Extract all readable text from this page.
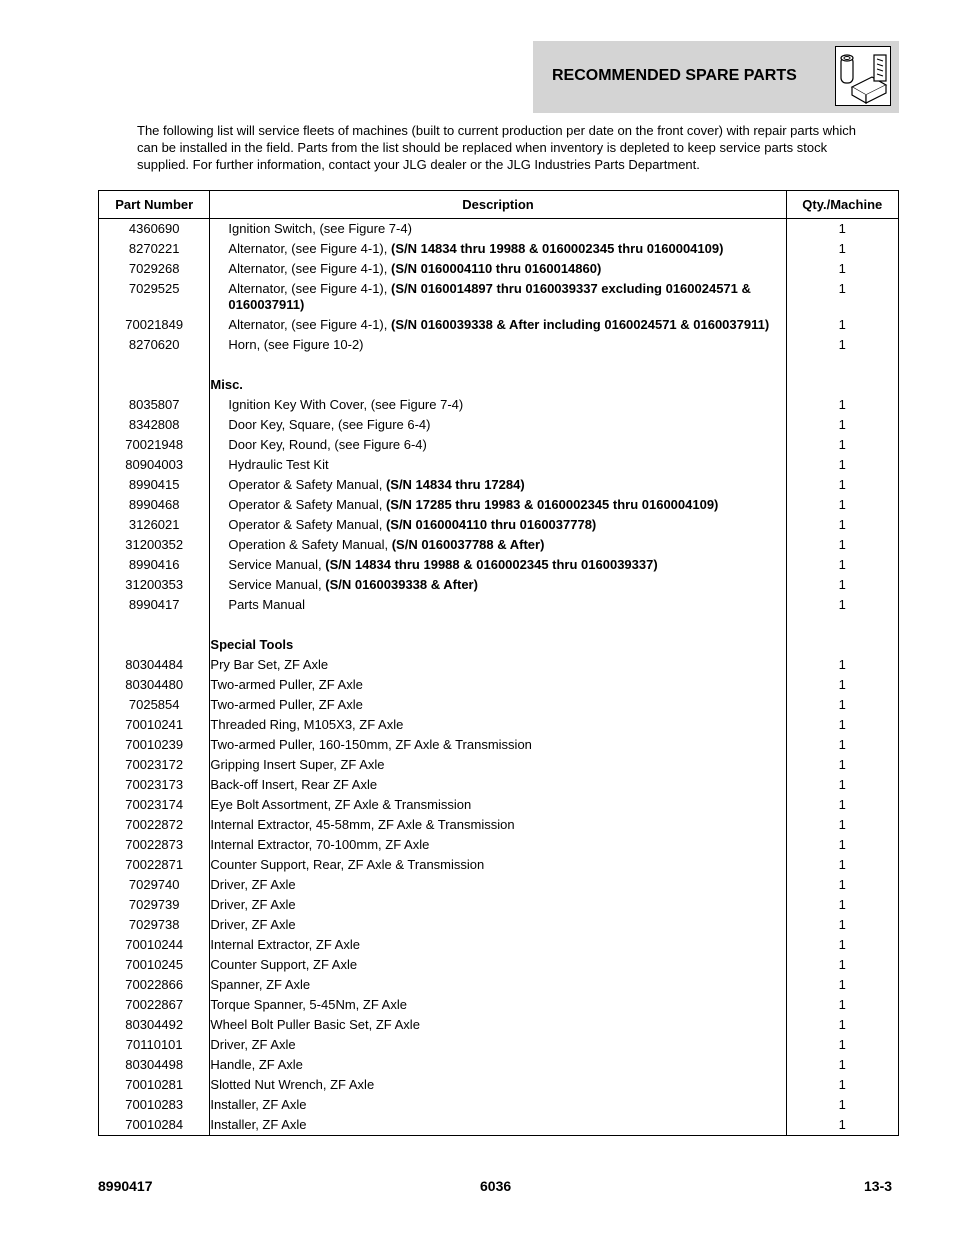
RECOMMENDED SPARE PARTS
The following list will service fleets of machines (built to current production per date on the front cover) with repair parts which can be installed in the field. Parts from the list should be replaced when inventory is depleted to keep service parts stock supplied. For further information, contact your JLG dealer or the JLG Industries Parts Department.
Part Number	Description	Qty./Machine
4360690	Ignition Switch, (see Figure 7-4)	1
8270221	Alternator, (see Figure 4-1), (S/N 14834 thru 19988 & 0160002345 thru 0160004109)	1
7029268	Alternator, (see Figure 4-1), (S/N 0160004110 thru 0160014860)	1
7029525	Alternator, (see Figure 4-1), (S/N 0160014897 thru 0160039337 excluding 0160024571 & 0160037911)	1
70021849	Alternator, (see Figure 4-1), (S/N 0160039338 & After including 0160024571 & 0160037911)	1
8270620	Horn, (see Figure 10-2)	1

	Misc.	
8035807	Ignition Key With Cover, (see Figure 7-4)	1
8342808	Door Key, Square, (see Figure 6-4)	1
70021948	Door Key, Round, (see Figure 6-4)	1
80904003	Hydraulic Test Kit	1
8990415	Operator & Safety Manual, (S/N 14834 thru 17284)	1
8990468	Operator & Safety Manual, (S/N 17285 thru 19983 & 0160002345 thru 0160004109)	1
3126021	Operator & Safety Manual, (S/N 0160004110 thru 0160037778)	1
31200352	Operation & Safety Manual, (S/N 0160037788 & After)	1
8990416	Service Manual, (S/N 14834 thru 19988 & 0160002345 thru 0160039337)	1
31200353	Service Manual, (S/N 0160039338 & After)	1
8990417	Parts Manual	1

	Special Tools	
80304484	Pry Bar Set, ZF Axle	1
80304480	Two-armed Puller, ZF Axle	1
7025854	Two-armed Puller, ZF Axle	1
70010241	Threaded Ring, M105X3, ZF Axle	1
70010239	Two-armed Puller, 160-150mm, ZF Axle & Transmission	1
70023172	Gripping Insert Super, ZF Axle	1
70023173	Back-off Insert, Rear ZF Axle	1
70023174	Eye Bolt Assortment, ZF Axle & Transmission	1
70022872	Internal Extractor, 45-58mm, ZF Axle & Transmission	1
70022873	Internal Extractor, 70-100mm, ZF Axle	1
70022871	Counter Support, Rear, ZF Axle & Transmission	1
7029740	Driver, ZF Axle	1
7029739	Driver, ZF Axle	1
7029738	Driver, ZF Axle	1
70010244	Internal Extractor, ZF Axle	1
70010245	Counter Support, ZF Axle	1
70022866	Spanner, ZF Axle	1
70022867	Torque Spanner, 5-45Nm, ZF Axle	1
80304492	Wheel Bolt Puller Basic Set, ZF Axle	1
70110101	Driver, ZF Axle	1
80304498	Handle, ZF Axle	1
70010281	Slotted Nut Wrench, ZF Axle	1
70010283	Installer, ZF Axle	1
70010284	Installer, ZF Axle	1
8990417	6036	13-3
